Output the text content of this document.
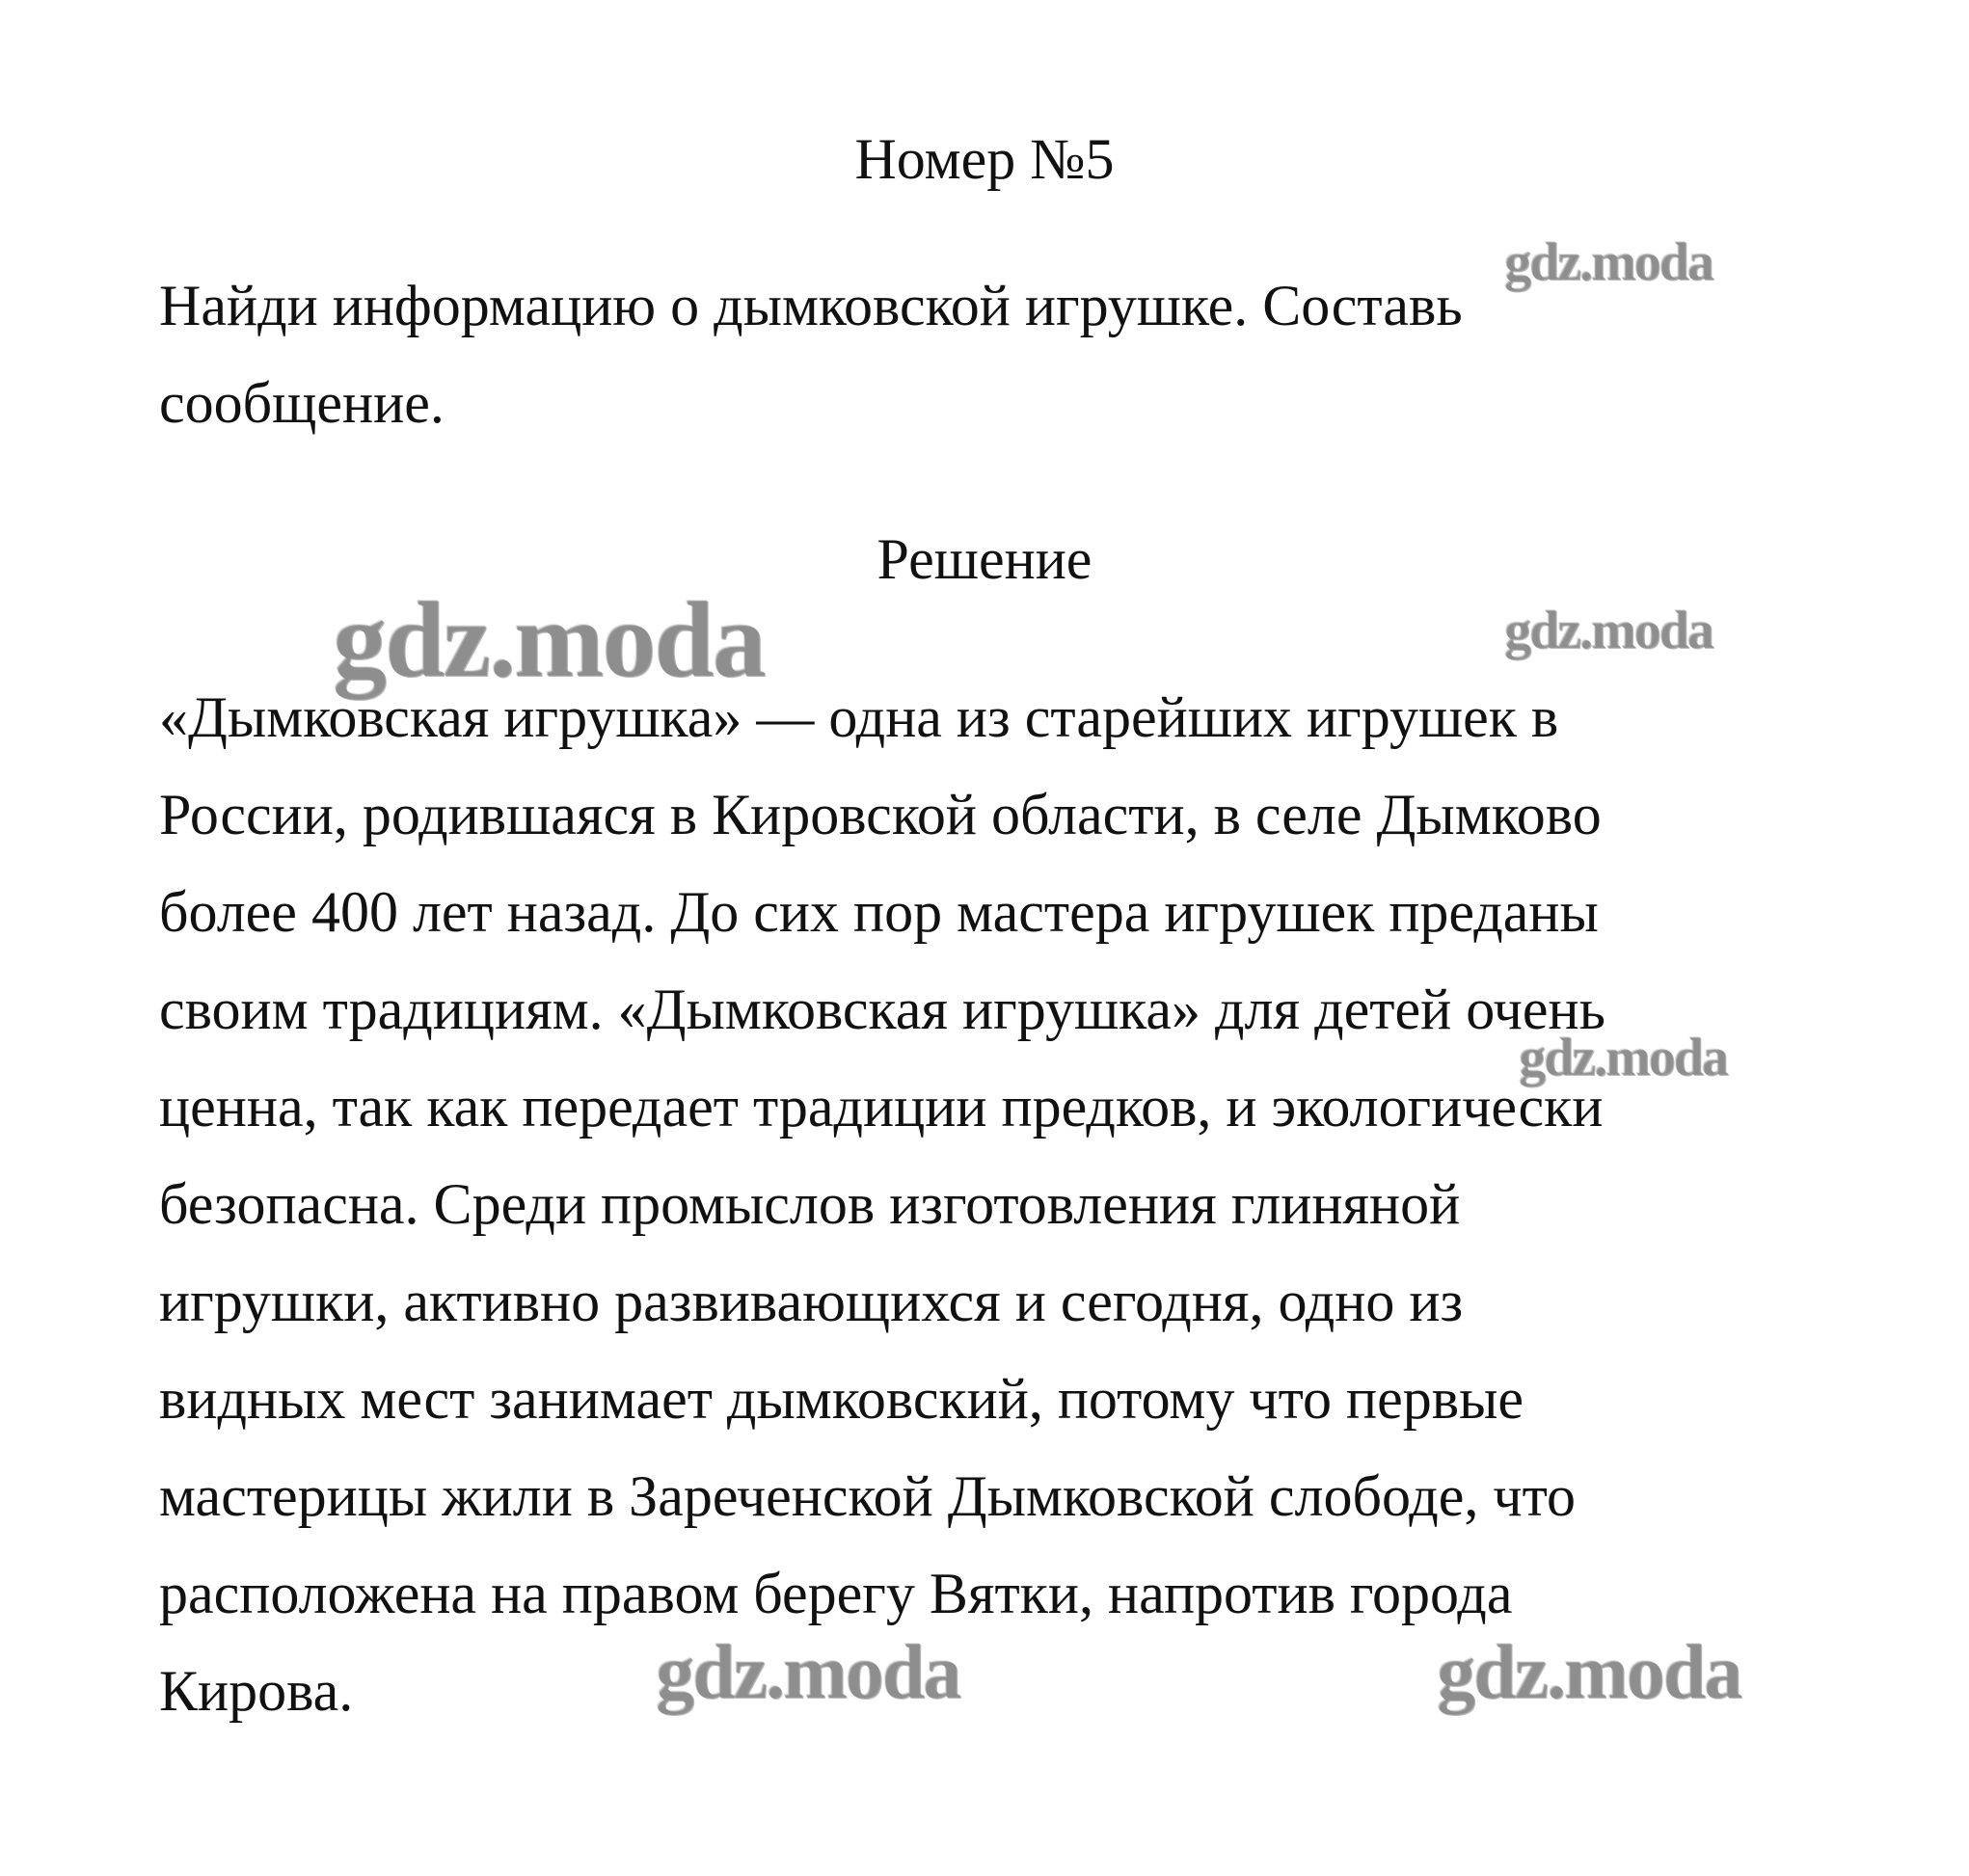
Номер №5
Найди информацию о дымковской игрушке. Составь
сообщение.
Решение
«Дымковская игрушка» — одна из старейших игрушек в
России, родившаяся в Кировской области, в селе Дымково
более 400 лет назад. До сих пор мастера игрушек преданы
своим традициям. «Дымковская игрушка» для детей очень
ценна, так как передает традиции предков, и экологически
безопасна. Среди промыслов изготовления глиняной
игрушки, активно развивающихся и сегодня, одно из
видных мест занимает дымковский, потому что первые
мастерицы жили в Зареченской Дымковской слободе, что
расположена на правом берегу Вятки, напротив города
Кирова.
gdz.moda
gdz.moda	gdz.moda
gdz.moda
gdz.moda	gdz.moda
